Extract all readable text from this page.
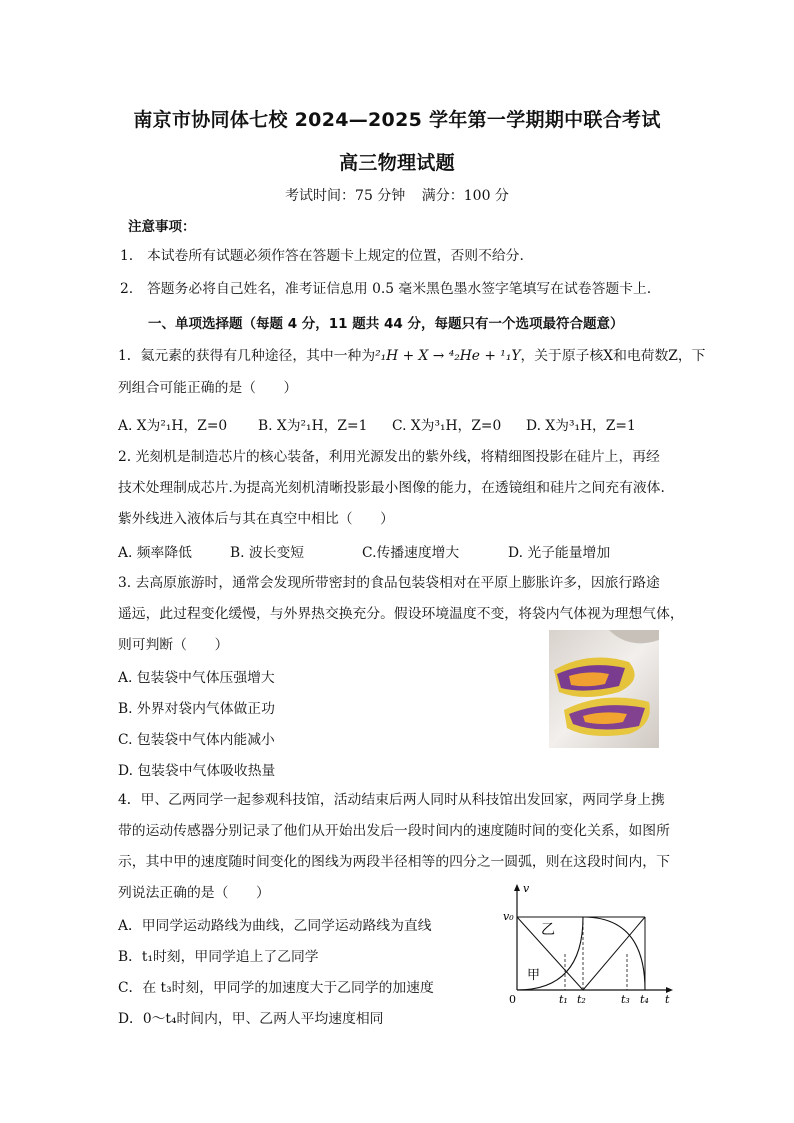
南京市协同体七校 2024—2025 学年第一学期期中联合考试
高三物理试题
考试时间：75 分钟 满分：100 分
注意事项：
1.　本试卷所有试题必须作答在答题卡上规定的位置，否则不给分.
2.　答题务必将自己姓名，准考证信息用 0.5 毫米黑色墨水签字笔填写在试卷答题卡上.
一、单项选择题（每题 4 分，11 题共 44 分，每题只有一个选项最符合题意）
1．氦元素的获得有几种途径，其中一种为²₁H + X → ⁴₂He + ¹₁Y，关于原子核X和电荷数Z，下
列组合可能正确的是（　　）
A. X为²₁H，Z=0 B. X为²₁H，Z=1 C. X为³₁H，Z=0 D. X为³₁H，Z=1
2. 光刻机是制造芯片的核心装备，利用光源发出的紫外线，将精细图投影在硅片上，再经
技术处理制成芯片.为提高光刻机清晰投影最小图像的能力，在透镜组和硅片之间充有液体.
紫外线进入液体后与其在真空中相比（　　）
A. 频率降低	B. 波长变短	C.传播速度增大	D. 光子能量增加
3. 去高原旅游时，通常会发现所带密封的食品包装袋相对在平原上膨胀许多，因旅行路途
遥远，此过程变化缓慢，与外界热交换充分。假设环境温度不变，将袋内气体视为理想气体，
则可判断（　　）
A. 包装袋中气体压强增大
B. 外界对袋内气体做正功
C. 包装袋中气体内能减小
D. 包装袋中气体吸收热量
4．甲、乙两同学一起参观科技馆，活动结束后两人同时从科技馆出发回家，两同学身上携
带的运动传感器分别记录了他们从开始出发后一段时间内的速度随时间的变化关系，如图所
示，其中甲的速度随时间变化的图线为两段半径相等的四分之一圆弧，则在这段时间内，下
列说法正确的是（　　）
A．甲同学运动路线为曲线，乙同学运动路线为直线
B．t₁时刻，甲同学追上了乙同学
C．在 t₃时刻，甲同学的加速度大于乙同学的加速度
D．0～t₄时间内，甲、乙两人平均速度相同
v
v₀
乙
甲
0	t₁ t₂	t₃ t₄ t
